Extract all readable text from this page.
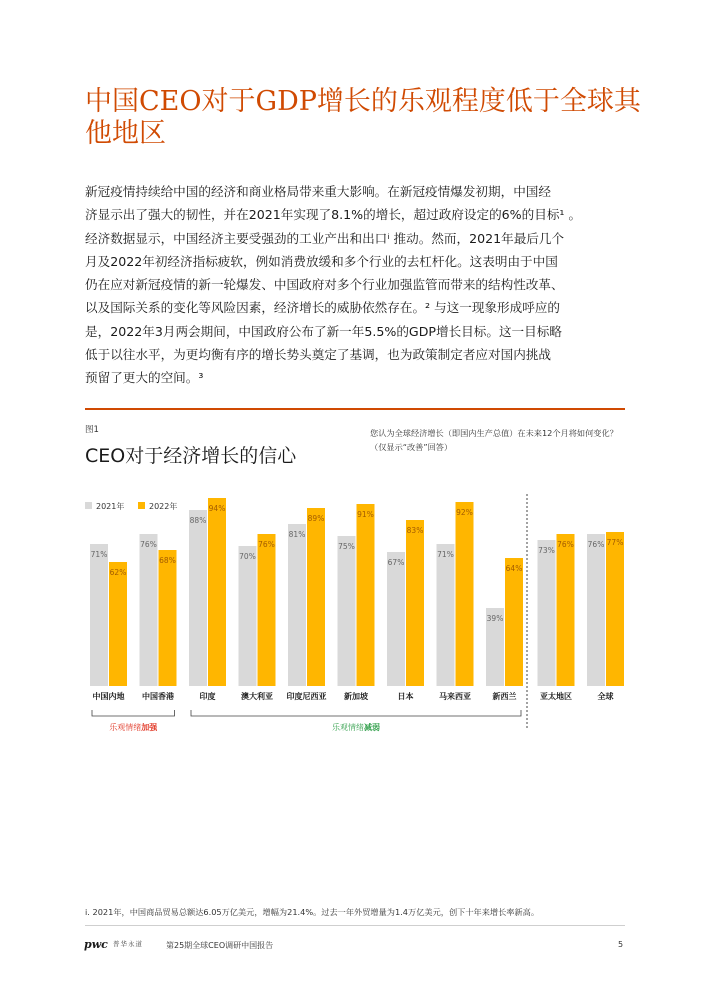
中国CEO对于GDP增长的乐观程度低于全球其他地区
新冠疫情持续给中国的经济和商业格局带来重大影响。在新冠疫情爆发初期，中国经
济显示出了强大的韧性，并在2021年实现了8.1%的增长，超过政府设定的6%的目标¹ 。
经济数据显示，中国经济主要受强劲的工业产出和出口ⁱ 推动。然而，2021年最后几个
月及2022年初经济指标疲软，例如消费放缓和多个行业的去杠杆化。这表明由于中国
仍在应对新冠疫情的新一轮爆发、中国政府对多个行业加强监管而带来的结构性改革、
以及国际关系的变化等风险因素，经济增长的威胁依然存在。² 与这一现象形成呼应的
是，2022年3月两会期间，中国政府公布了新一年5.5%的GDP增长目标。这一目标略
低于以往水平，为更均衡有序的增长势头奠定了基调，也为政策制定者应对国内挑战
预留了更大的空间。³
图1
CEO对于经济增长的信心
您认为全球经济增长（即国内生产总值）在未来12个月将如何变化？（仅显示“改善”回答）
2021年	2022年
71%
62%
中国内地
76%
68%
中国香港
88%
94%
印度
70%
76%
澳大利亚
81%
89%
印度尼西亚
75%
91%
新加坡
67%
83%
日本
71%
92%
马来西亚
39%
64%
新西兰
73%
76%
亚太地区
76% 77%
全球
乐观情绪加强	乐观情绪减弱
i. 2021年，中国商品贸易总额达6.05万亿美元，增幅为21.4%。过去一年外贸增量为1.4万亿美元，创下十年来增长率新高。
pwc 普华永道	第25期全球CEO调研中国报告	5
